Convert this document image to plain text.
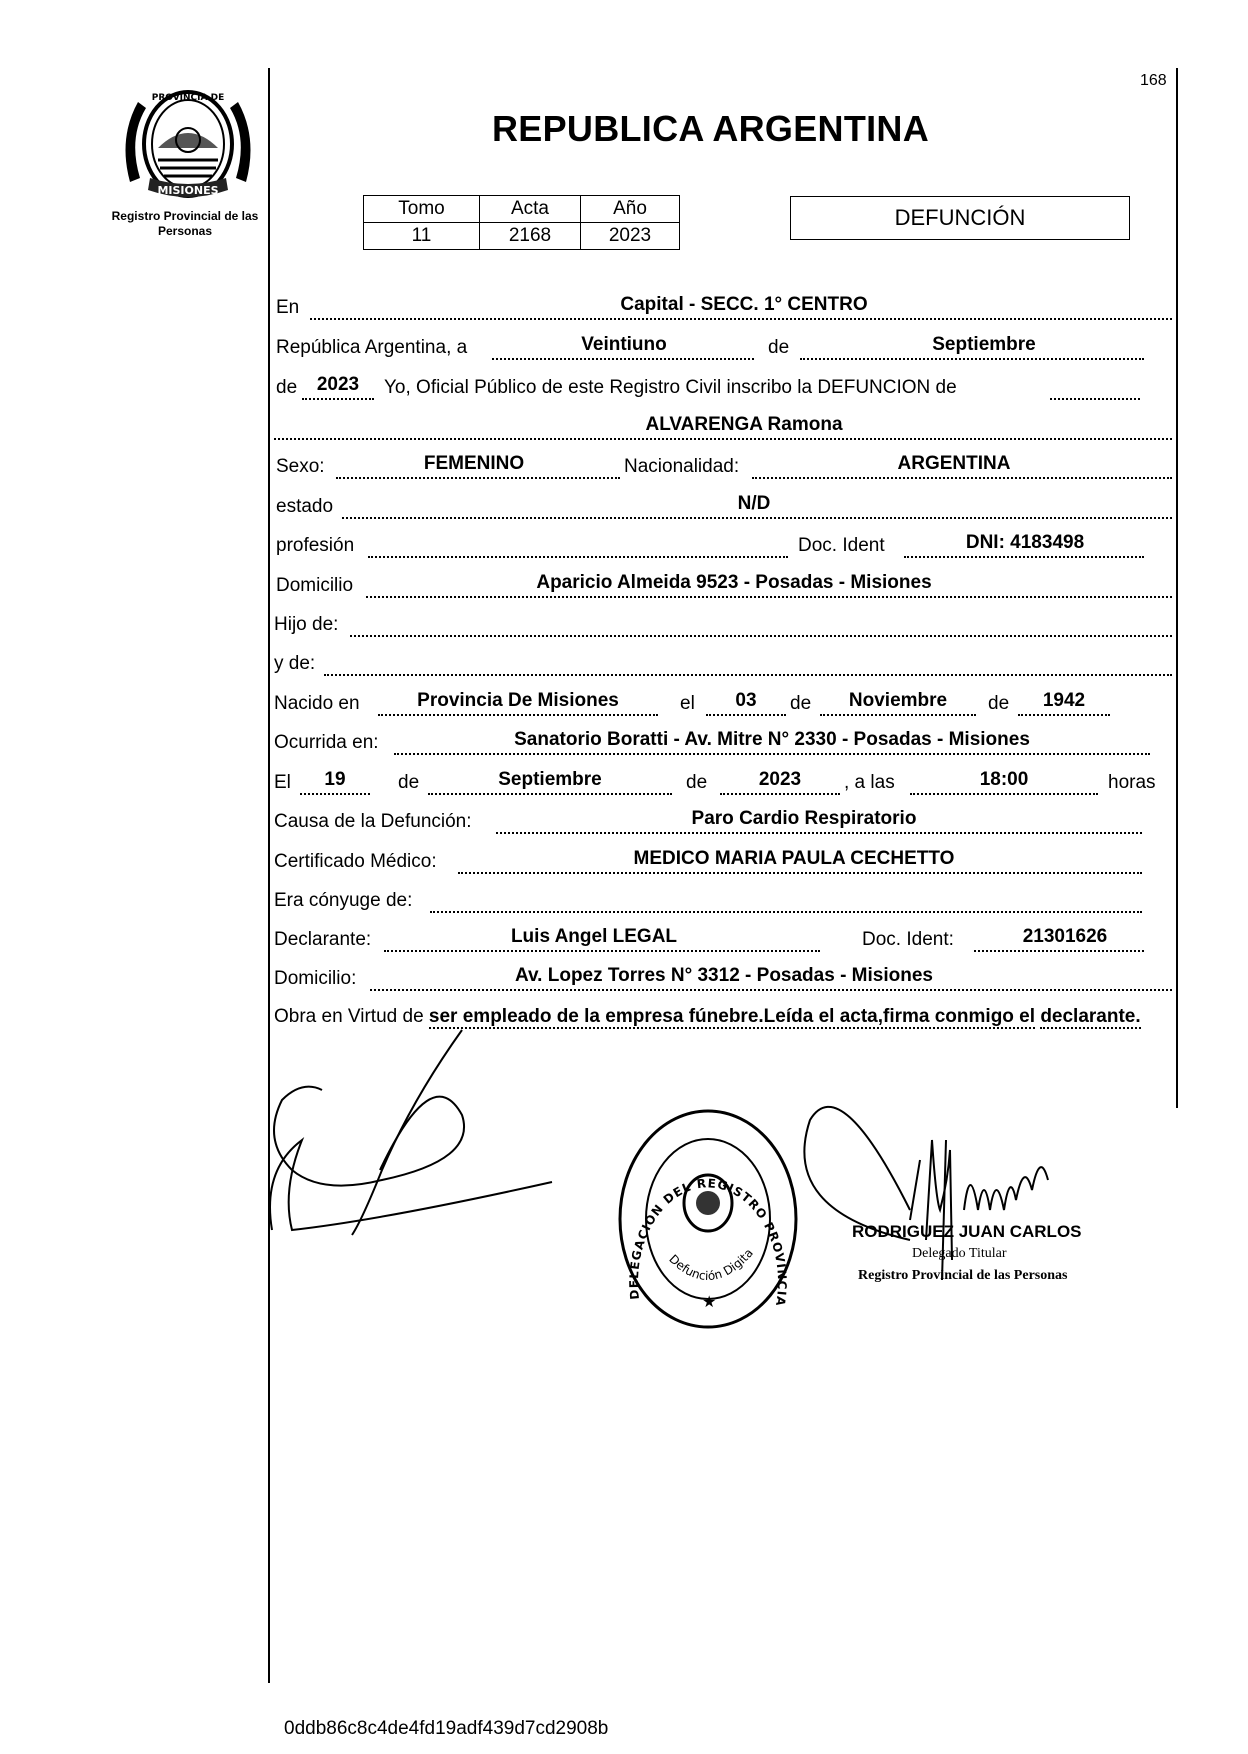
PROVINCIA DE
MISIONES
Registro Provincial de las Personas
168
REPUBLICA ARGENTINA
Tomo	Acta	Año
11	2168	2023
DEFUNCIÓN
En	Capital - SECC. 1° CENTRO
República Argentina, a	Veintiuno	de	Septiembre
de	2023	Yo, Oficial Público de este Registro Civil inscribo la DEFUNCION de
ALVARENGA Ramona
Sexo:	FEMENINO	Nacionalidad:	ARGENTINA
estado	N/D
profesión	Doc. Ident	DNI: 4183498
Domicilio	Aparicio Almeida 9523 - Posadas - Misiones
Hijo de:
y de:
Nacido en	Provincia De Misiones	el	03	de	Noviembre	de	1942
Ocurrida en:	Sanatorio Boratti - Av. Mitre N° 2330 - Posadas - Misiones
El	19	de	Septiembre	de	2023	, a las	18:00	horas
Causa de la Defunción:	Paro Cardio Respiratorio
Certificado Médico:	MEDICO MARIA PAULA CECHETTO
Era cónyuge de:
Declarante:	Luis Angel LEGAL	Doc. Ident:	21301626
Domicilio:	Av. Lopez Torres N° 3312 - Posadas - Misiones
Obra en Virtud de ser empleado de la empresa fúnebre.Leída el acta,firma conmigo el declarante.
DELEGACION DEL REGISTRO PROVINCIA
Defunción Digita
★
RODRIGUEZ JUAN CARLOS
Delegado Titular
Registro Provincial de las Personas
0ddb86c8c4de4fd19adf439d7cd2908b
